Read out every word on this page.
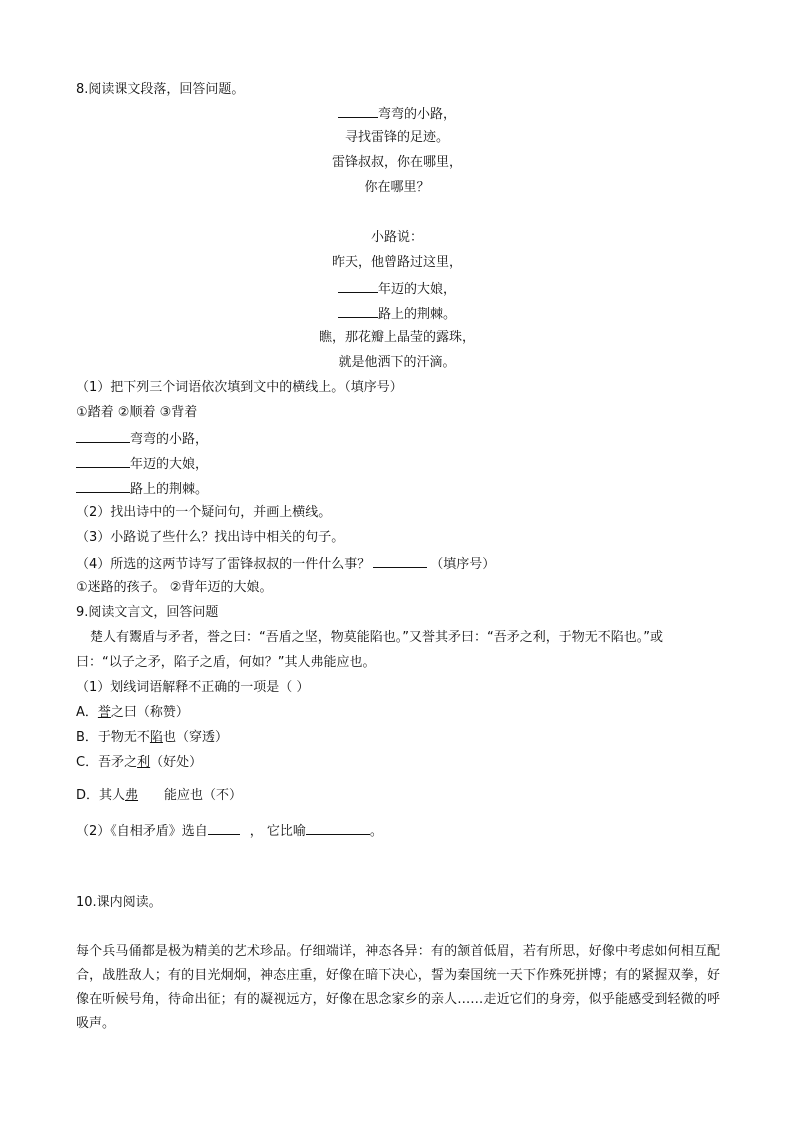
8.阅读课文段落，回答问题。
弯弯的小路，
寻找雷锋的足迹。
雷锋叔叔，你在哪里，
你在哪里？
小路说：
昨天，他曾路过这里，
年迈的大娘，
路上的荆棘。
瞧，那花瓣上晶莹的露珠，
就是他洒下的汗滴。
（1）把下列三个词语依次填到文中的横线上。（填序号）
①踏着 ②顺着 ③背着
弯弯的小路，
年迈的大娘，
路上的荆棘。
（2）找出诗中的一个疑问句，并画上横线。
（3）小路说了些什么？找出诗中相关的句子。
（4）所选的这两节诗写了雷锋叔叔的一件什么事？	（填序号）
①迷路的孩子。 ②背年迈的大娘。
9.阅读文言文，回答问题
楚人有鬻盾与矛者，誉之曰：“吾盾之坚，物莫能陷也。”又誉其矛曰：“吾矛之利，于物无不陷也。”或
曰：“以子之矛，陷子之盾，何如？”其人弗能应也。
（1）划线词语解释不正确的一项是（ ）
A．誉之曰（称赞）
B．于物无不陷也（穿透）
C．吾矛之利（好处）
D．其人弗 能应也（不）
（2）《自相矛盾》选自	， 它比喻	。
10.课内阅读。
每个兵马俑都是极为精美的艺术珍品。仔细端详，神态各异：有的颔首低眉，若有所思，好像中考虑如何相互配合，战胜敌人；有的目光炯炯，神态庄重，好像在暗下决心，誓为秦国统一天下作殊死拼博；有的紧握双拳，好像在听候号角，待命出征；有的凝视远方，好像在思念家乡的亲人……走近它们的身旁，似乎能感受到轻微的呼吸声。
